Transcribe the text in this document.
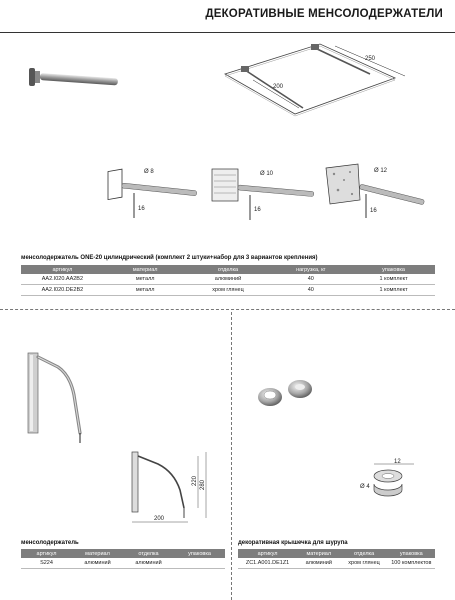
ДЕКОРАТИВНЫЕ МЕНСОЛОДЕРЖАТЕЛИ
200
250
Ø 8
16
Ø 10
16
Ø 12
16
менсолодержатель ONE-20 цилиндрический (комплект 2 штуки+набор для 3 вариантов крепления)
артикул	материал	отделка	нагрузка, кг	упаковка
AA2.I020.AA2B2	металл	алюминий	40	1 комплект
AA2.I020.DE2B2	металл	хром глянец	40	1 комплект
200
220 280
менсолодержатель
артикул	материал	отделка	упаковка
S224	алюминий	алюминий	
12
Ø 4
декоративная крышечка для шурупа
артикул	материал	отделка	упаковка
ZC1.A001.DE1Z1	алюминий	хром глянец	100 комплектов
